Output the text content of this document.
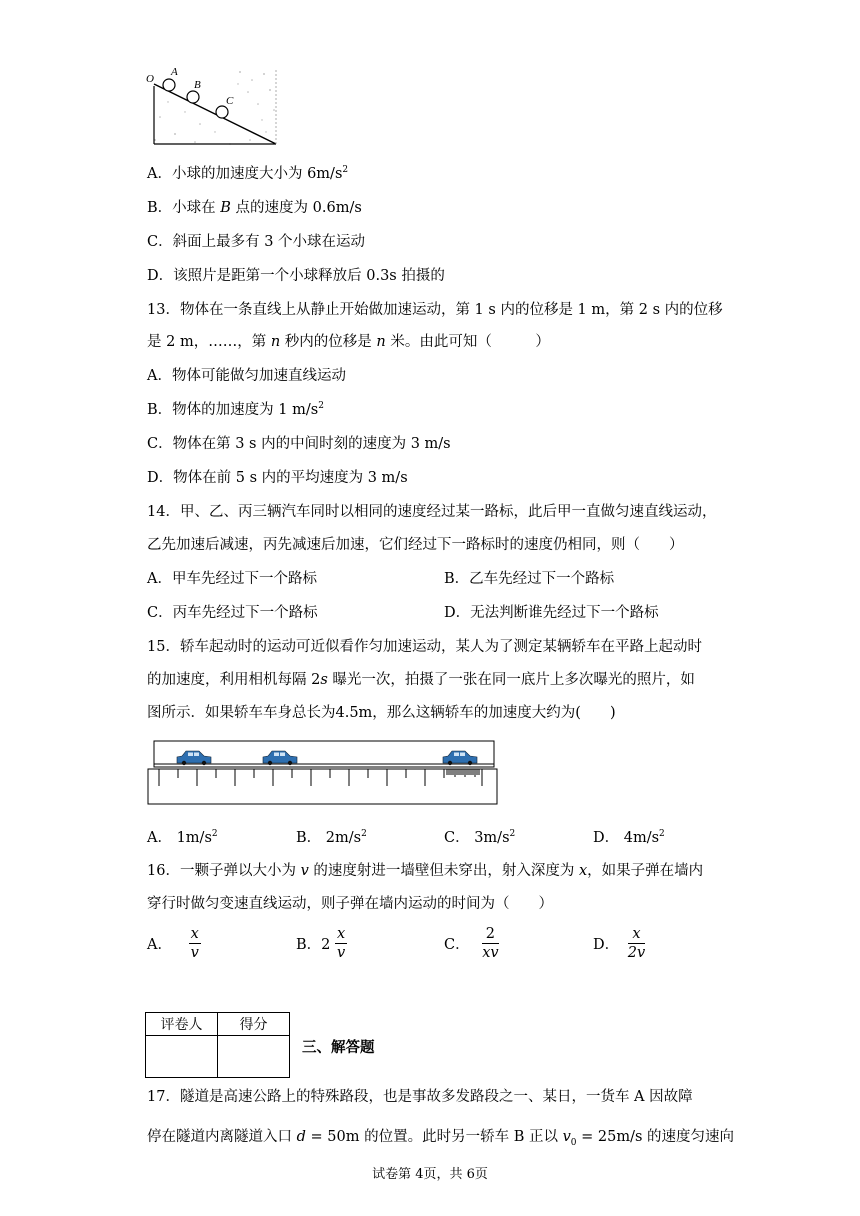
O
A
B
C
A．小球的加速度大小为 $6m/s^2$
B．小球在 B 点的速度为 0.6m/s
C．斜面上最多有 3 个小球在运动
D．该照片是距第一个小球释放后 0.3s 拍摄的
13．物体在一条直线上从静止开始做加速运动，第 1 s 内的位移是 1 m，第 2 s 内的位移
是 2 m，……，第 n 秒内的位移是 n 米。由此可知（　　　）
A．物体可能做匀加速直线运动
B．物体的加速度为 1 $m/s^2$
C．物体在第 3 s 内的中间时刻的速度为 3 m/s
D．物体在前 5 s 内的平均速度为 3 m/s
14．甲、乙、丙三辆汽车同时以相同的速度经过某一路标，此后甲一直做匀速直线运动，
乙先加速后减速，丙先减速后加速，它们经过下一路标时的速度仍相同，则（　　）
A．甲车先经过下一个路标	B．乙车先经过下一个路标
C．丙车先经过下一个路标	D．无法判断谁先经过下一个路标
15．轿车起动时的运动可近似看作匀加速运动，某人为了测定某辆轿车在平路上起动时
的加速度，利用相机每隔 2s 曝光一次，拍摄了一张在同一底片上多次曝光的照片，如
图所示．如果轿车车身总长为4.5m，那么这辆轿车的加速度大约为(　　)
A． $1m/s^2$	B． $2m/s^2$	C． $3m/s^2$	D． $4m/s^2$
16．一颗子弹以大小为 v 的速度射进一墙壁但未穿出，射入深度为 x，如果子弹在墙内
穿行时做匀变速直线运动，则子弹在墙内运动的时间为（　　）
A． $\frac{x}{v}$	B．$2 \frac{x}{v}$	C． $\frac{2}{xv}$	D． $\frac{x}{2v}$
评卷人	得分

三、解答题
17．隧道是高速公路上的特殊路段，也是事故多发路段之一、某日，一货车 A 因故障
停在隧道内离隧道入口 d = 50m 的位置。此时另一轿车 B 正以 $v_0 = 25m/s$ 的速度匀速向
试卷第 4页，共 6页
